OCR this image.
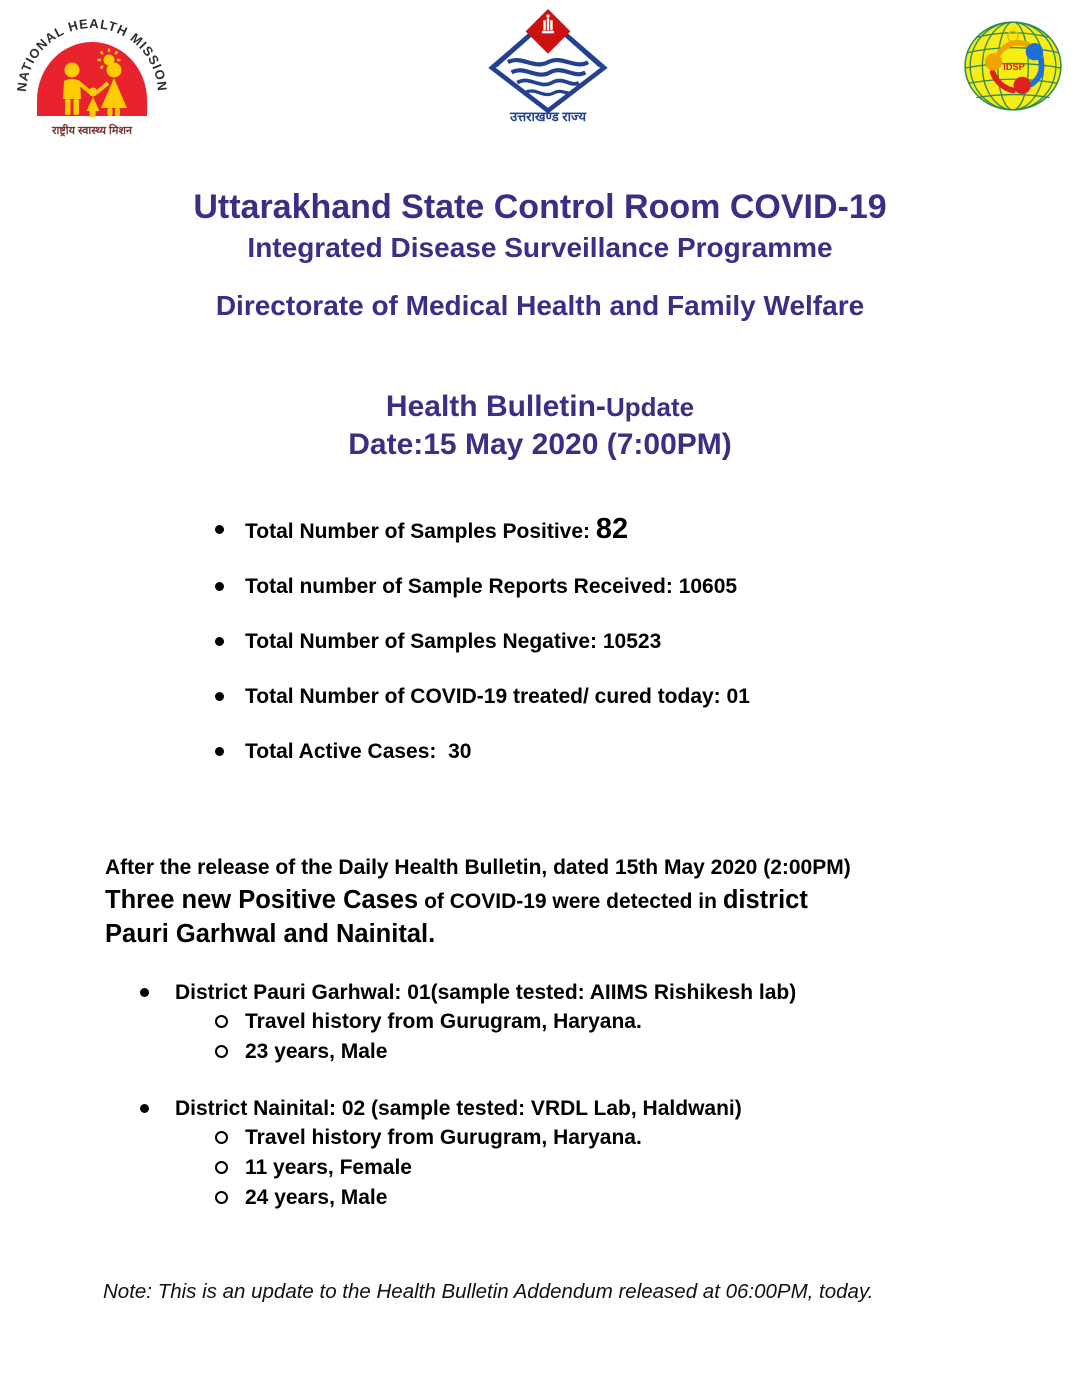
NATIONAL HEALTH MISSION
राष्ट्रीय स्वास्थ्य मिशन
उत्तराखण्ड राज्य
IDSP
Uttarakhand State Control Room COVID-19
Integrated Disease Surveillance Programme
Directorate of Medical Health and Family Welfare
Health Bulletin-Update
Date:15 May 2020 (7:00PM)
Total Number of Samples Positive: 82
Total number of Sample Reports Received: 10605
Total Number of Samples Negative: 10523
Total Number of COVID-19 treated/ cured today: 01
Total Active Cases:  30
After the release of the Daily Health Bulletin, dated 15th May 2020 (2:00PM)
Three new Positive Cases of COVID-19 were detected in district
Pauri Garhwal and Nainital.
District Pauri Garhwal: 01(sample tested: AIIMS Rishikesh lab)
Travel history from Gurugram, Haryana.
23 years, Male
District Nainital: 02 (sample tested: VRDL Lab, Haldwani)
Travel history from Gurugram, Haryana.
11 years, Female
24 years, Male
Note: This is an update to the Health Bulletin Addendum released at 06:00PM, today.
